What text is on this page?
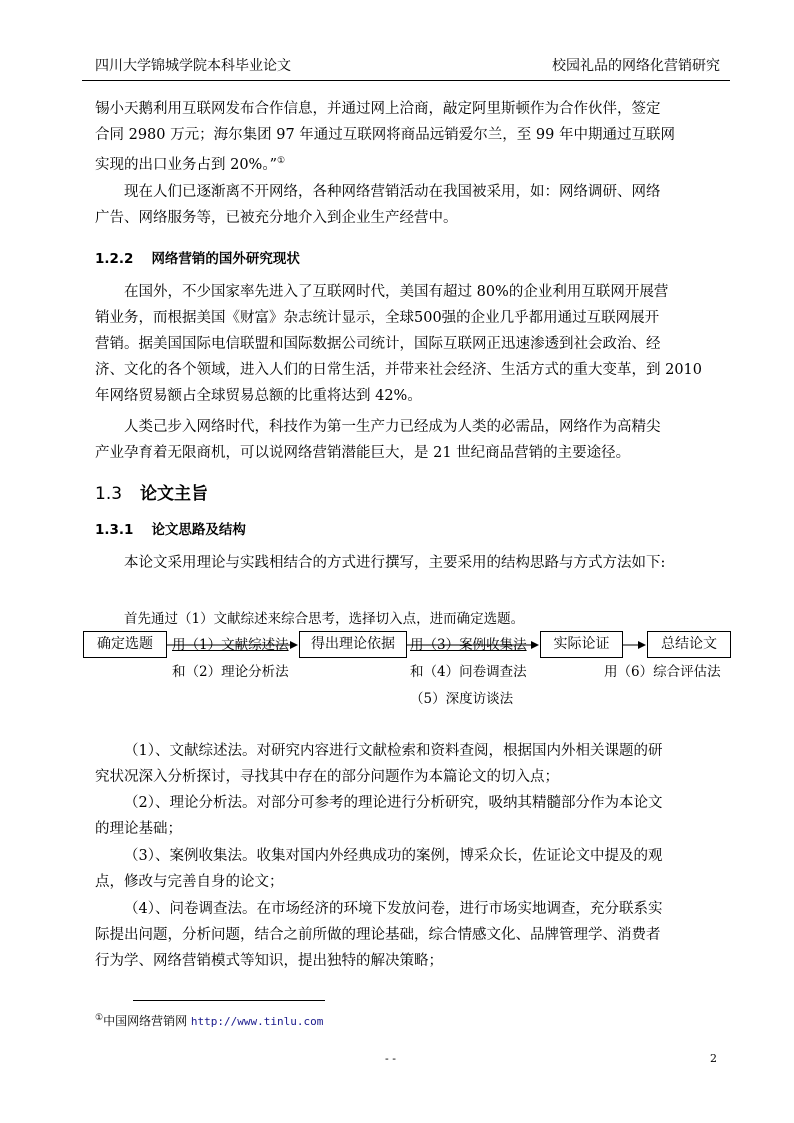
四川大学锦城学院本科毕业论文	校园礼品的网络化营销研究
锡小天鹅利用互联网发布合作信息，并通过网上洽商，敲定阿里斯顿作为合作伙伴，签定
合同 2980 万元；海尔集团 97 年通过互联网将商品远销爱尔兰，至 99 年中期通过互联网
实现的出口业务占到 20%。”①
现在人们已逐渐离不开网络，各种网络营销活动在我国被采用，如：网络调研、网络
广告、网络服务等，已被充分地介入到企业生产经营中。
1.2.2 网络营销的国外研究现状
在国外，不少国家率先进入了互联网时代，美国有超过 80%的企业利用互联网开展营
销业务，而根据美国《财富》杂志统计显示，全球500强的企业几乎都用通过互联网展开
营销。据美国国际电信联盟和国际数据公司统计，国际互联网正迅速渗透到社会政治、经
济、文化的各个领域，进入人们的日常生活，并带来社会经济、生活方式的重大变革，到 2010
年网络贸易额占全球贸易总额的比重将达到 42%。
人类己步入网络时代，科技作为第一生产力已经成为人类的必需品，网络作为高精尖
产业孕育着无限商机，可以说网络营销潜能巨大，是 21 世纪商品营销的主要途径。
1.3 论文主旨
1.3.1 论文思路及结构
本论文采用理论与实践相结合的方式进行撰写，主要采用的结构思路与方式方法如下:
首先通过（1）文献综述来综合思考，选择切入点，进而确定选题。
确定选题	得出理论依据	实际论证	总结论文
用（1）文献综述法
和（2）理论分析法
用（3）案例收集法
和（4）问卷调查法
（5）深度访谈法
用（6）综合评估法
（1）、文献综述法。对研究内容进行文献检索和资料查阅，根据国内外相关课题的研
究状况深入分析探讨，寻找其中存在的部分问题作为本篇论文的切入点；
（2）、理论分析法。对部分可参考的理论进行分析研究，吸纳其精髓部分作为本论文
的理论基础；
（3）、案例收集法。收集对国内外经典成功的案例，博采众长，佐证论文中提及的观
点，修改与完善自身的论文；
（4）、问卷调查法。在市场经济的环境下发放问卷，进行市场实地调查，充分联系实
际提出问题，分析问题，结合之前所做的理论基础，综合情感文化、品牌管理学、消费者
行为学、网络营销模式等知识，提出独特的解决策略；
①中国网络营销网 http://www.tinlu.com
- -	2
